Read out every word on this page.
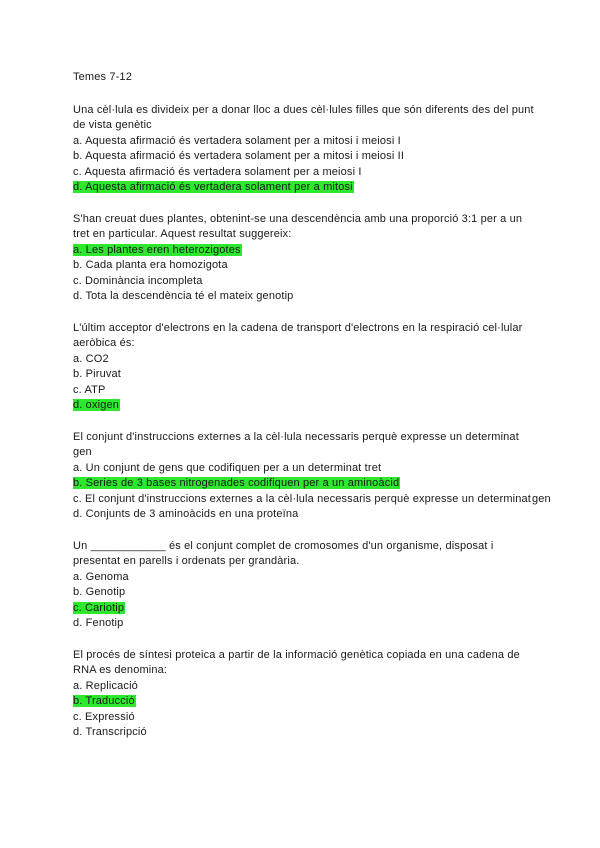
Temes 7-12
Una cèl·lula es divideix per a donar lloc a dues cèl·lules filles que són diferents des del punt
de vista genètic
a. Aquesta afirmació és vertadera solament per a mitosi i meiosi I
b. Aquesta afirmació és vertadera solament per a mitosi i meiosi II
c. Aquesta afirmació és vertadera solament per a meiosi I
d. Aquesta afirmació és vertadera solament per a mitosi
S'han creuat dues plantes, obtenint-se una descendència amb una proporció 3:1 per a un
tret en particular. Aquest resultat suggereix:
a. Les plantes eren heterozigotes
b. Cada planta era homozigota
c. Dominància incompleta
d. Tota la descendència té el mateix genotip
L'últim acceptor d'electrons en la cadena de transport d'electrons en la respiració cel·lular
aeròbica és:
a. CO2
b. Piruvat
c. ATP
d. oxigen
El conjunt d'instruccions externes a la cèl·lula necessaris perquè expresse un determinat
gen
a. Un conjunt de gens que codifiquen per a un determinat tret
b. Series de 3 bases nitrogenades codifiquen per a un aminoàcid
c. El conjunt d'instruccions externes a la cèl·lula necessaris perquè expresse un determinatgen
d. Conjunts de 3 aminoàcids en una proteïna
Un ____________ és el conjunt complet de cromosomes d'un organisme, disposat i
presentat en parells i ordenats per grandària.
a. Genoma
b. Genotip
c. Cariotip
d. Fenotip
El procés de síntesi proteica a partir de la informació genètica copiada en una cadena de
RNA es denomina:
a. Replicació
b. Traducció
c. Expressió
d. Transcripció
